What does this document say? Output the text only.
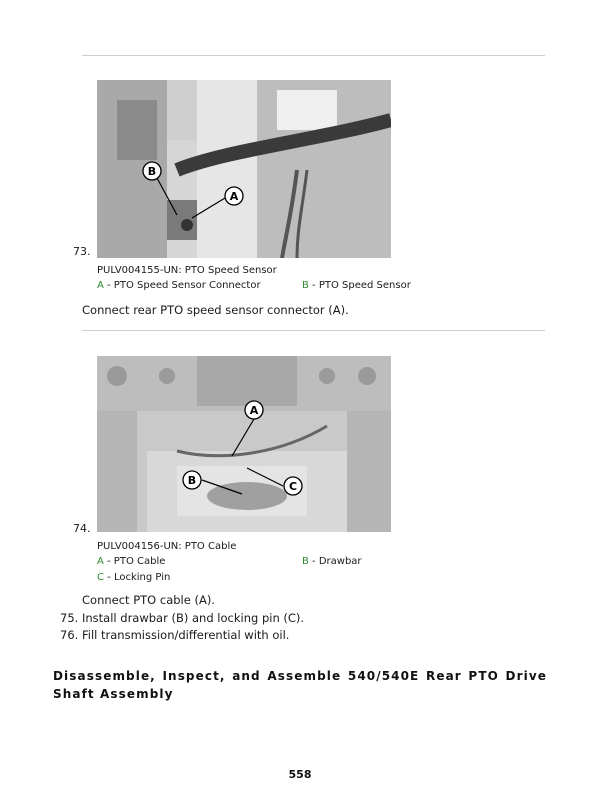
B
A
73.
PULV004155-UN: PTO Speed Sensor
A - PTO Speed Sensor Connector	B - PTO Speed Sensor
Connect rear PTO speed sensor connector (A).
A
B	C
74.
PULV004156-UN: PTO Cable
A - PTO Cable	B - Drawbar
C - Locking Pin
Connect PTO cable (A).
75. Install drawbar (B) and locking pin (C).
76. Fill transmission/differential with oil.
Disassemble, Inspect, and Assemble 540/540E Rear PTO Drive Shaft Assembly
558
